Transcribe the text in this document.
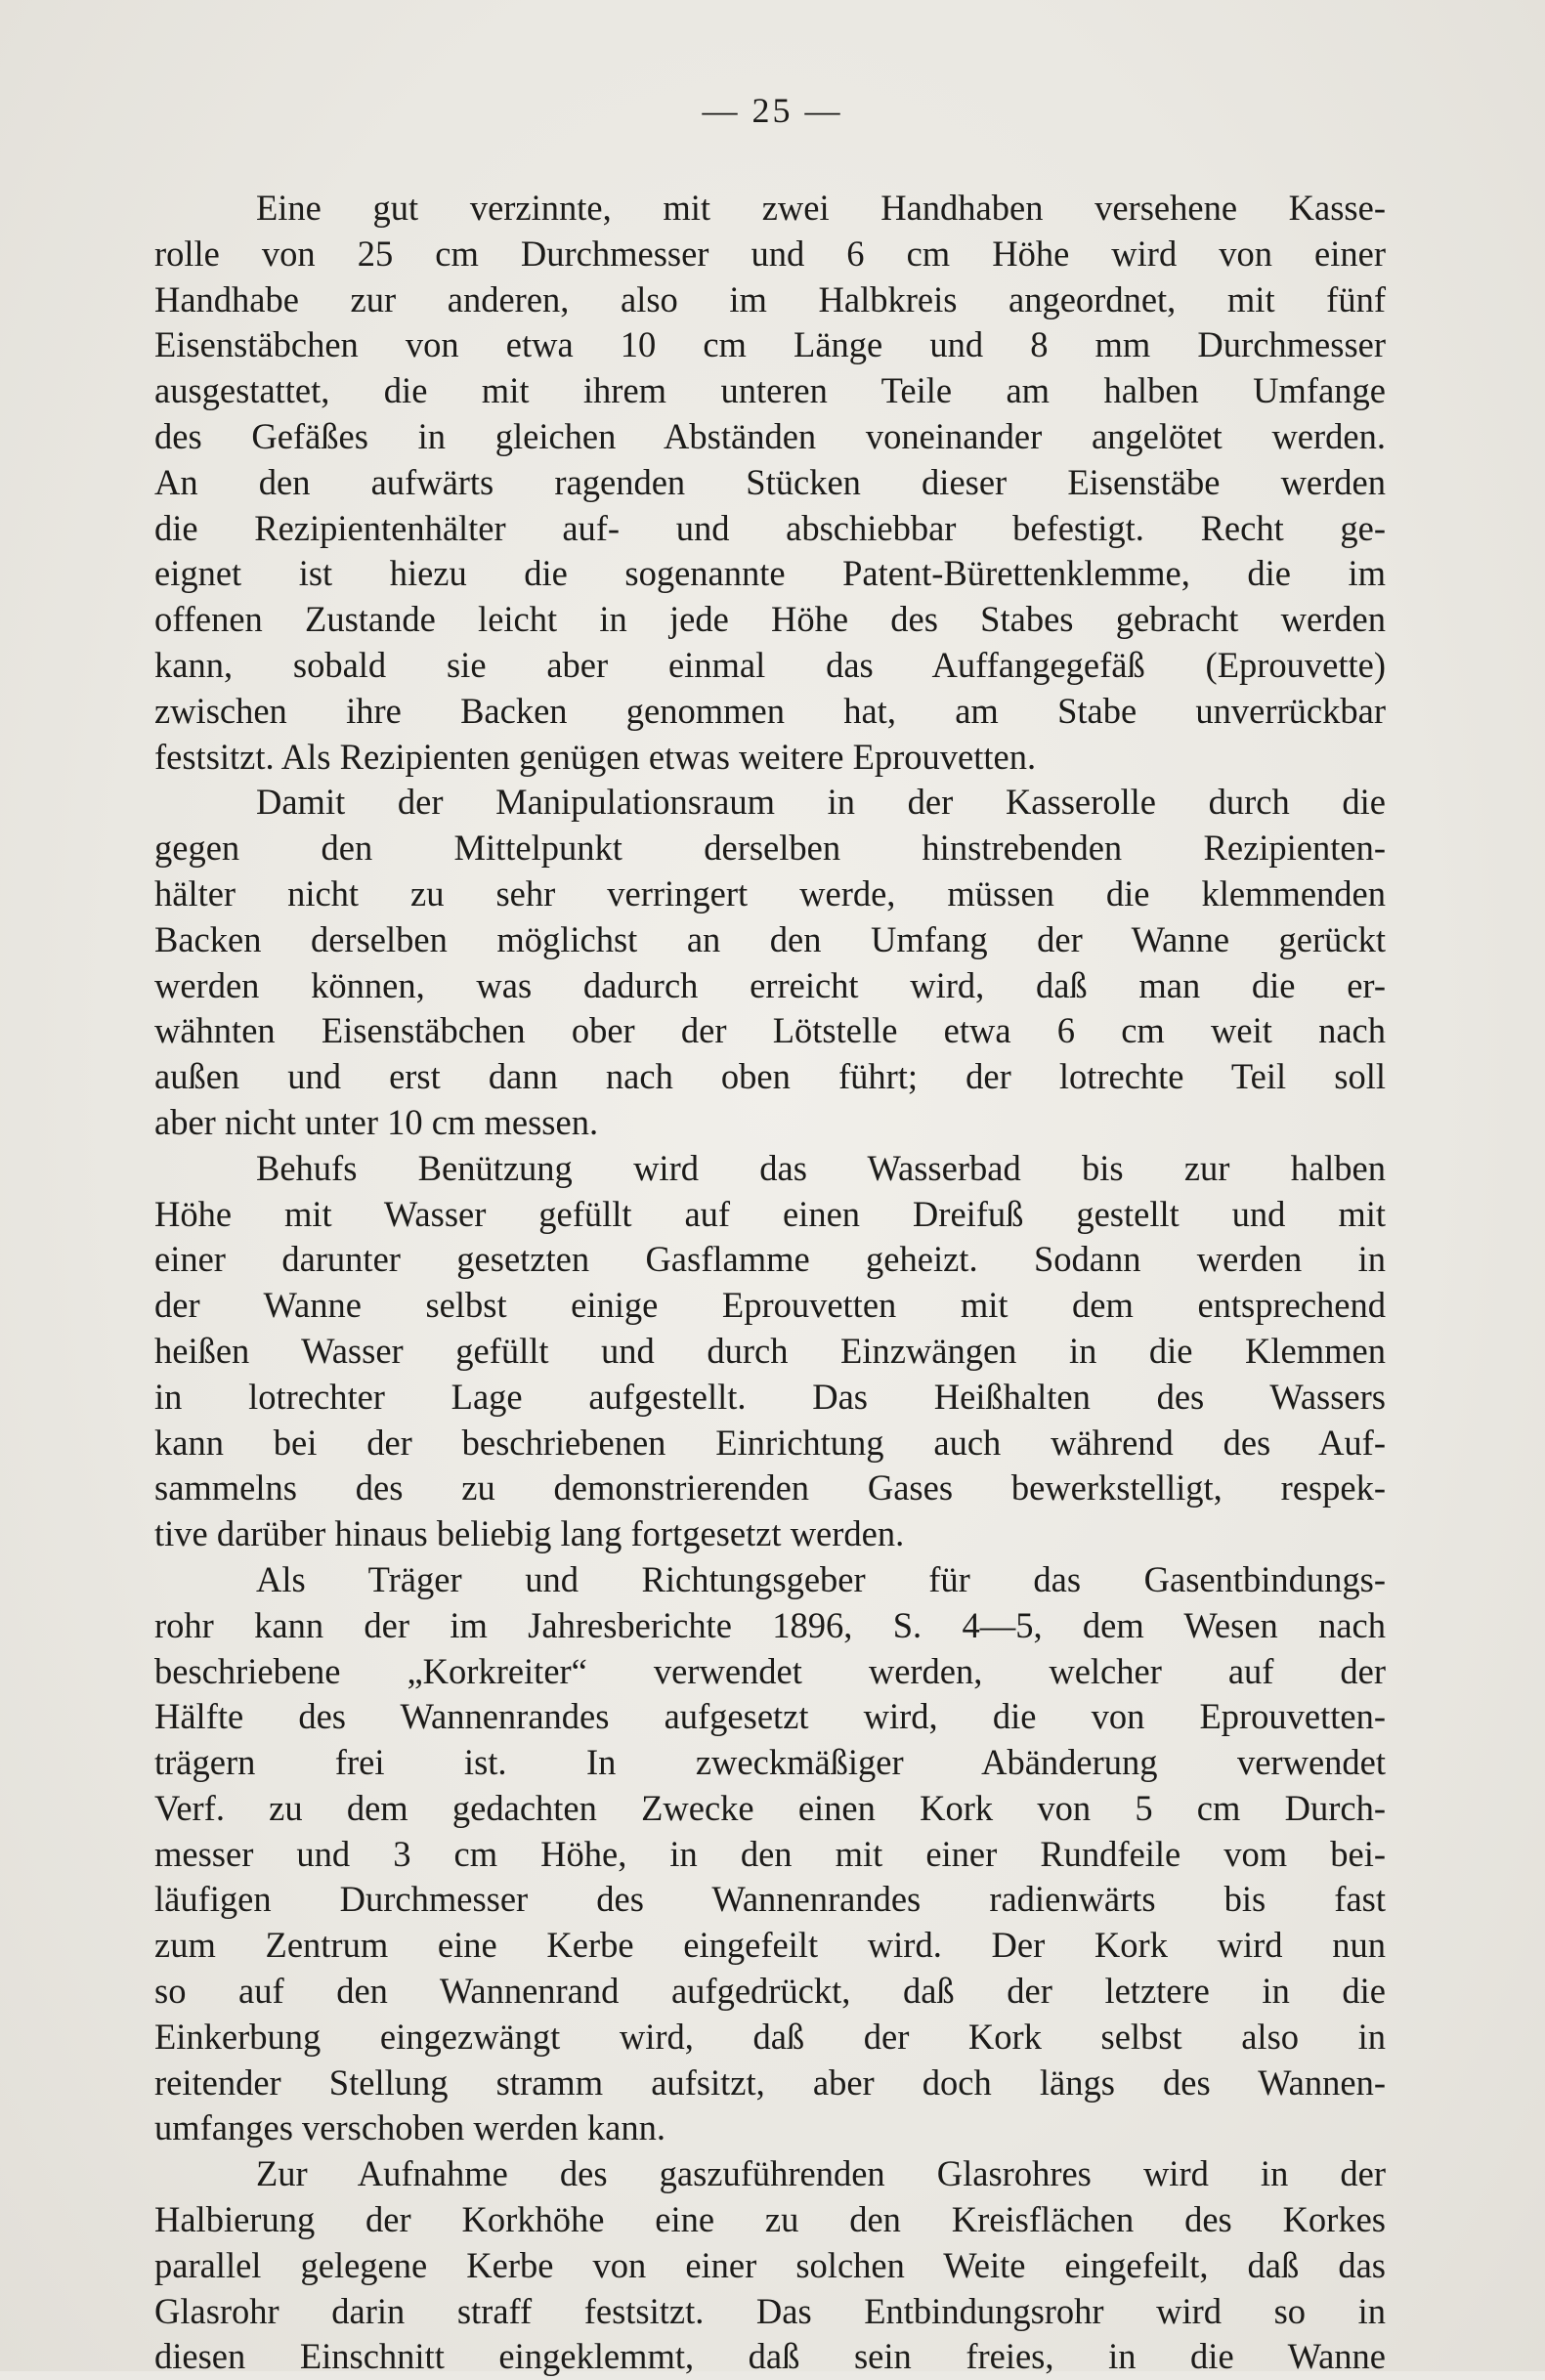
— 25 —

Eine gut verzinnte, mit zwei Handhaben versehene Kasse-
rolle von 25 cm Durchmesser und 6 cm Höhe wird von einer
Handhabe zur anderen, also im Halbkreis angeordnet, mit fünf
Eisenstäbchen von etwa 10 cm Länge und 8 mm Durchmesser
ausgestattet, die mit ihrem unteren Teile am halben Umfange
des Gefäßes in gleichen Abständen voneinander angelötet werden.
An den aufwärts ragenden Stücken dieser Eisenstäbe werden
die Rezipientenhälter auf- und abschiebbar befestigt. Recht ge-
eignet ist hiezu die sogenannte Patent-Bürettenklemme, die im
offenen Zustande leicht in jede Höhe des Stabes gebracht werden
kann, sobald sie aber einmal das Auffangegefäß (Eprouvette)
zwischen ihre Backen genommen hat, am Stabe unverrückbar
festsitzt. Als Rezipienten genügen etwas weitere Eprouvetten.

Damit der Manipulationsraum in der Kasserolle durch die
gegen den Mittelpunkt derselben hinstrebenden Rezipienten-
hälter nicht zu sehr verringert werde, müssen die klemmenden
Backen derselben möglichst an den Umfang der Wanne gerückt
werden können, was dadurch erreicht wird, daß man die er-
wähnten Eisenstäbchen ober der Lötstelle etwa 6 cm weit nach
außen und erst dann nach oben führt; der lotrechte Teil soll
aber nicht unter 10 cm messen.

Behufs Benützung wird das Wasserbad bis zur halben
Höhe mit Wasser gefüllt auf einen Dreifuß gestellt und mit
einer darunter gesetzten Gasflamme geheizt. Sodann werden in
der Wanne selbst einige Eprouvetten mit dem entsprechend
heißen Wasser gefüllt und durch Einzwängen in die Klemmen
in lotrechter Lage aufgestellt. Das Heißhalten des Wassers
kann bei der beschriebenen Einrichtung auch während des Auf-
sammelns des zu demonstrierenden Gases bewerkstelligt, respek-
tive darüber hinaus beliebig lang fortgesetzt werden.

Als Träger und Richtungsgeber für das Gasentbindungs-
rohr kann der im Jahresberichte 1896, S. 4—5, dem Wesen nach
beschriebene „Korkreiter“ verwendet werden, welcher auf der
Hälfte des Wannenrandes aufgesetzt wird, die von Eprouvetten-
trägern frei ist. In zweckmäßiger Abänderung verwendet
Verf. zu dem gedachten Zwecke einen Kork von 5 cm Durch-
messer und 3 cm Höhe, in den mit einer Rundfeile vom bei-
läufigen Durchmesser des Wannenrandes radienwärts bis fast
zum Zentrum eine Kerbe eingefeilt wird. Der Kork wird nun
so auf den Wannenrand aufgedrückt, daß der letztere in die
Einkerbung eingezwängt wird, daß der Kork selbst also in
reitender Stellung stramm aufsitzt, aber doch längs des Wannen-
umfanges verschoben werden kann.

Zur Aufnahme des gaszuführenden Glasrohres wird in der
Halbierung der Korkhöhe eine zu den Kreisflächen des Korkes
parallel gelegene Kerbe von einer solchen Weite eingefeilt, daß das
Glasrohr darin straff festsitzt. Das Entbindungsrohr wird so in
diesen Einschnitt eingeklemmt, daß sein freies, in die Wanne
